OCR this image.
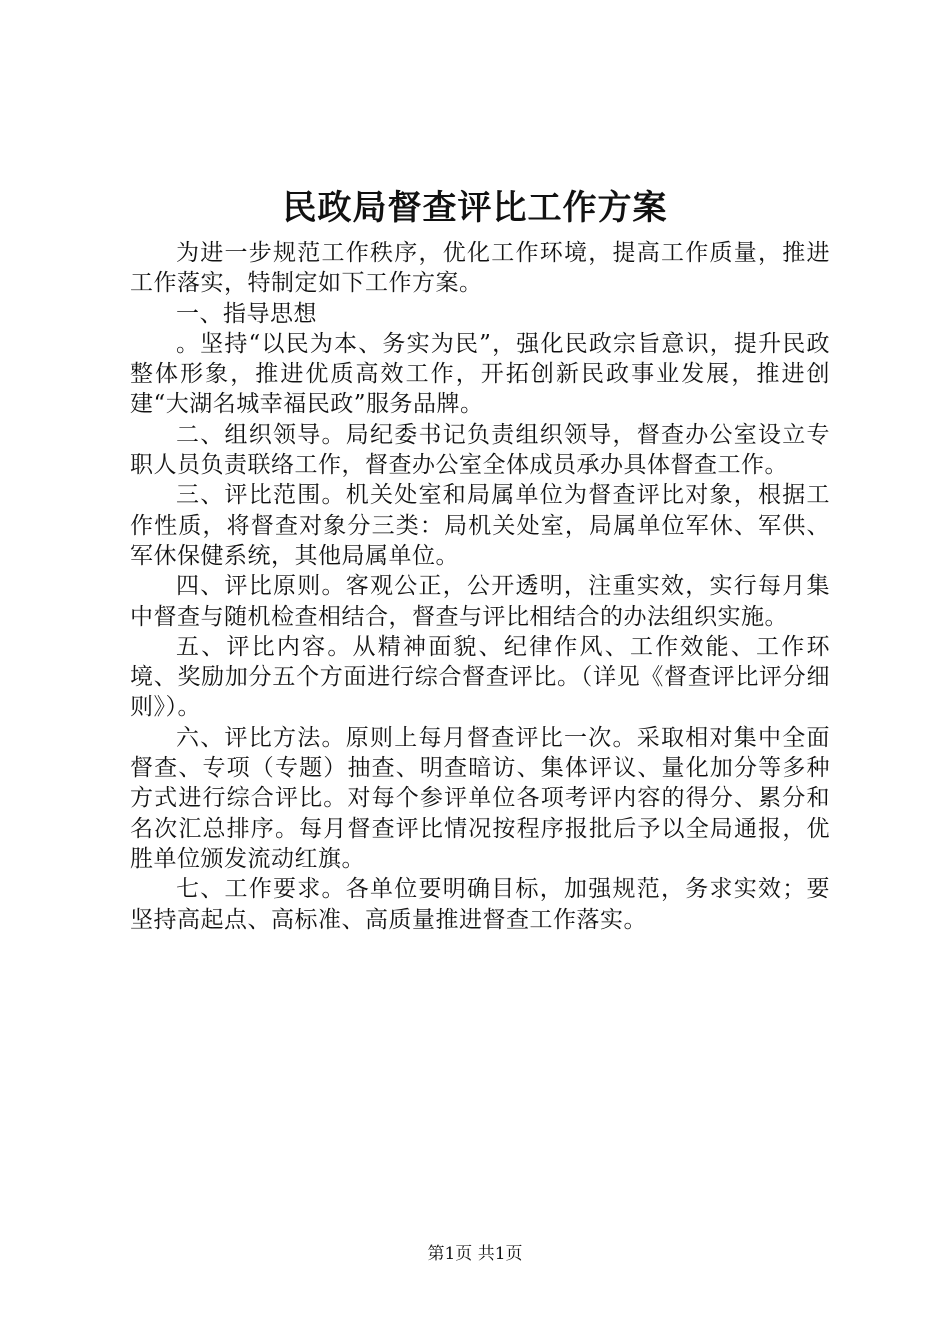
民政局督查评比工作方案

为进一步规范工作秩序，优化工作环境，提高工作质量，推进工作落实，特制定如下工作方案。

一、指导思想

。坚持“以民为本、务实为民”，强化民政宗旨意识，提升民政整体形象，推进优质高效工作，开拓创新民政事业发展，推进创建“大湖名城幸福民政”服务品牌。

二、组织领导。局纪委书记负责组织领导，督查办公室设立专职人员负责联络工作，督查办公室全体成员承办具体督查工作。

三、评比范围。机关处室和局属单位为督查评比对象，根据工作性质，将督查对象分三类：局机关处室，局属单位军休、军供、军休保健系统，其他局属单位。

四、评比原则。客观公正，公开透明，注重实效，实行每月集中督查与随机检查相结合，督查与评比相结合的办法组织实施。

五、评比内容。从精神面貌、纪律作风、工作效能、工作环境、奖励加分五个方面进行综合督查评比。（详见《督查评比评分细则》）。

六、评比方法。原则上每月督查评比一次。采取相对集中全面督查、专项（专题）抽查、明查暗访、集体评议、量化加分等多种方式进行综合评比。对每个参评单位各项考评内容的得分、累分和名次汇总排序。每月督查评比情况按程序报批后予以全局通报，优胜单位颁发流动红旗。

七、工作要求。各单位要明确目标，加强规范，务求实效；要坚持高起点、高标准、高质量推进督查工作落实。

第1页 共1页
